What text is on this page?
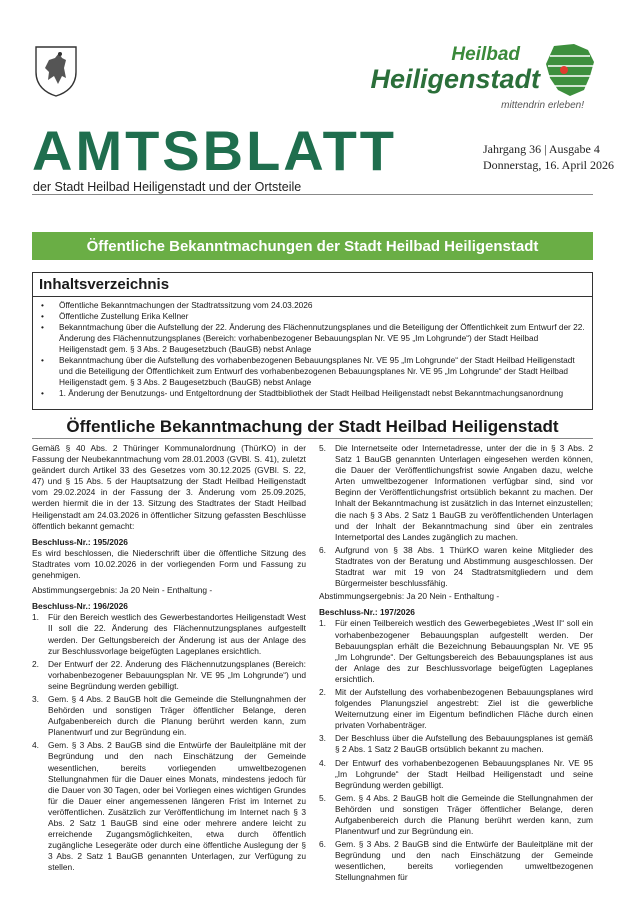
Heilbad
Heiligenstadt
mittendrin erleben!
AMTSBLATT	Jahrgang 36 | Ausgabe 4
Donnerstag, 16. April 2026
der Stadt Heilbad Heiligenstadt und der Ortsteile
Öffentliche Bekanntmachungen der Stadt Heilbad Heiligenstadt
Inhaltsverzeichnis
• Öffentliche Bekanntmachungen der Stadtratssitzung vom 24.03.2026
• Öffentliche Zustellung Erika Kellner
• Bekanntmachung über die Aufstellung der 22. Änderung des Flächennutzungsplanes und die Beteiligung der Öffentlichkeit zum Entwurf der 22. Änderung des Flächennutzungsplanes (Bereich: vorhabenbezogener Bebauungsplan Nr. VE 95 „Im Lohgrunde“) der Stadt Heilbad Heiligenstadt gem. § 3 Abs. 2 Baugesetzbuch (BauGB) nebst Anlage
• Bekanntmachung über die Aufstellung des vorhabenbezogenen Bebauungsplanes Nr. VE 95 „Im Lohgrunde“ der Stadt Heilbad Heiligenstadt und die Beteiligung der Öffentlichkeit zum Entwurf des vorhabenbezogenen Bebauungsplanes Nr. VE 95 „Im Lohgrunde“ der Stadt Heilbad Heiligenstadt gem. § 3 Abs. 2 Baugesetzbuch (BauGB) nebst Anlage
• 1. Änderung der Benutzungs- und Entgeltordnung der Stadtbibliothek der Stadt Heilbad Heiligenstadt nebst Bekanntmachungsanordnung
Öffentliche Bekanntmachung der Stadt Heilbad Heiligenstadt

Gemäß § 40 Abs. 2 Thüringer Kommunalordnung (ThürKO) in der Fassung der Neubekanntmachung vom 28.01.2003 (GVBl. S. 41), zuletzt geändert durch Artikel 33 des Gesetzes vom 30.12.2025 (GVBl. S. 22, 47) und § 15 Abs. 5 der Hauptsatzung der Stadt Heilbad Heiligenstadt vom 29.02.2024 in der Fassung der 3. Änderung vom 25.09.2025, werden hiermit die in der 13. Sitzung des Stadtrates der Stadt Heilbad Heiligenstadt am 24.03.2026 in öffentlicher Sitzung gefassten Beschlüsse öffentlich bekannt gemacht:

Beschluss-Nr.: 195/2026

Es wird beschlossen, die Niederschrift über die öffentliche Sitzung des Stadtrates vom 10.02.2026 in der vorliegenden Form und Fassung zu genehmigen.

Abstimmungsergebnis: Ja 20 Nein - Enthaltung -

Beschluss-Nr.: 196/2026

1. Für den Bereich westlich des Gewerbestandortes Heiligenstadt West II soll die 22. Änderung des Flächennutzungsplanes aufgestellt werden. Der Geltungsbereich der Änderung ist aus der Anlage des zur Beschlussvorlage beigefügten Lageplanes ersichtlich.
2. Der Entwurf der 22. Änderung des Flächennutzungsplanes (Bereich: vorhabenbezogener Bebauungsplan Nr. VE 95 „Im Lohgrunde“) und seine Begründung werden gebilligt.
3. Gem. § 4 Abs. 2 BauGB holt die Gemeinde die Stellungnahmen der Behörden und sonstigen Träger öffentlicher Belange, deren Aufgabenbereich durch die Planung berührt werden kann, zum Planentwurf und zur Begründung ein.
4. Gem. § 3 Abs. 2 BauGB sind die Entwürfe der Bauleitpläne mit der Begründung und den nach Einschätzung der Gemeinde wesentlichen, bereits vorliegenden umweltbezogenen Stellungnahmen für die Dauer eines Monats, mindestens jedoch für die Dauer von 30 Tagen, oder bei Vorliegen eines wichtigen Grundes für die Dauer einer angemessenen längeren Frist im Internet zu veröffentlichen. Zusätzlich zur Veröffentlichung im Internet nach § 3 Abs. 2 Satz 1 BauGB sind eine oder mehrere andere leicht zu erreichende Zugangsmöglichkeiten, etwa durch öffentlich zugängliche Lesegeräte oder durch eine öffentliche Auslegung der § 3 Abs. 2 Satz 1 BauGB genannten Unterlagen, zur Verfügung zu stellen.
5. Die Internetseite oder Internetadresse, unter der die in § 3 Abs. 2 Satz 1 BauGB genannten Unterlagen eingesehen werden können, die Dauer der Veröffentlichungsfrist sowie Angaben dazu, welche Arten umweltbezogener Informationen verfügbar sind, sind vor Beginn der Veröffentlichungsfrist ortsüblich bekannt zu machen. Der Inhalt der Bekanntmachung ist zusätzlich in das Internet einzustellen; die nach § 3 Abs. 2 Satz 1 BauGB zu veröffentlichenden Unterlagen und der Inhalt der Bekanntmachung sind über ein zentrales Internetportal des Landes zugänglich zu machen.
6. Aufgrund von § 38 Abs. 1 ThürKO waren keine Mitglieder des Stadtrates von der Beratung und Abstimmung ausgeschlossen. Der Stadtrat war mit 19 von 24 Stadtratsmitgliedern und dem Bürgermeister beschlussfähig.

Abstimmungsergebnis: Ja 20 Nein - Enthaltung -

Beschluss-Nr.: 197/2026

1. Für einen Teilbereich westlich des Gewerbegebietes „West II“ soll ein vorhabenbezogener Bebauungsplan aufgestellt werden. Der Bebauungsplan erhält die Bezeichnung Bebauungsplan Nr. VE 95 „Im Lohgrunde“. Der Geltungsbereich des Bebauungsplanes ist aus der Anlage des zur Beschlussvorlage beigefügten Lageplanes ersichtlich.
2. Mit der Aufstellung des vorhabenbezogenen Bebauungsplanes wird folgendes Planungsziel angestrebt: Ziel ist die gewerbliche Weiternutzung einer im Eigentum befindlichen Fläche durch einen privaten Vorhabenträger.
3. Der Beschluss über die Aufstellung des Bebauungsplanes ist gemäß § 2 Abs. 1 Satz 2 BauGB ortsüblich bekannt zu machen.
4. Der Entwurf des vorhabenbezogenen Bebauungsplanes Nr. VE 95 „Im Lohgrunde“ der Stadt Heilbad Heiligenstadt und seine Begründung werden gebilligt.
5. Gem. § 4 Abs. 2 BauGB holt die Gemeinde die Stellungnahmen der Behörden und sonstigen Träger öffentlicher Belange, deren Aufgabenbereich durch die Planung berührt werden kann, zum Planentwurf und zur Begründung ein.
6. Gem. § 3 Abs. 2 BauGB sind die Entwürfe der Bauleitpläne mit der Begründung und den nach Einschätzung der Gemeinde wesentlichen, bereits vorliegenden umweltbezogenen Stellungnahmen für
